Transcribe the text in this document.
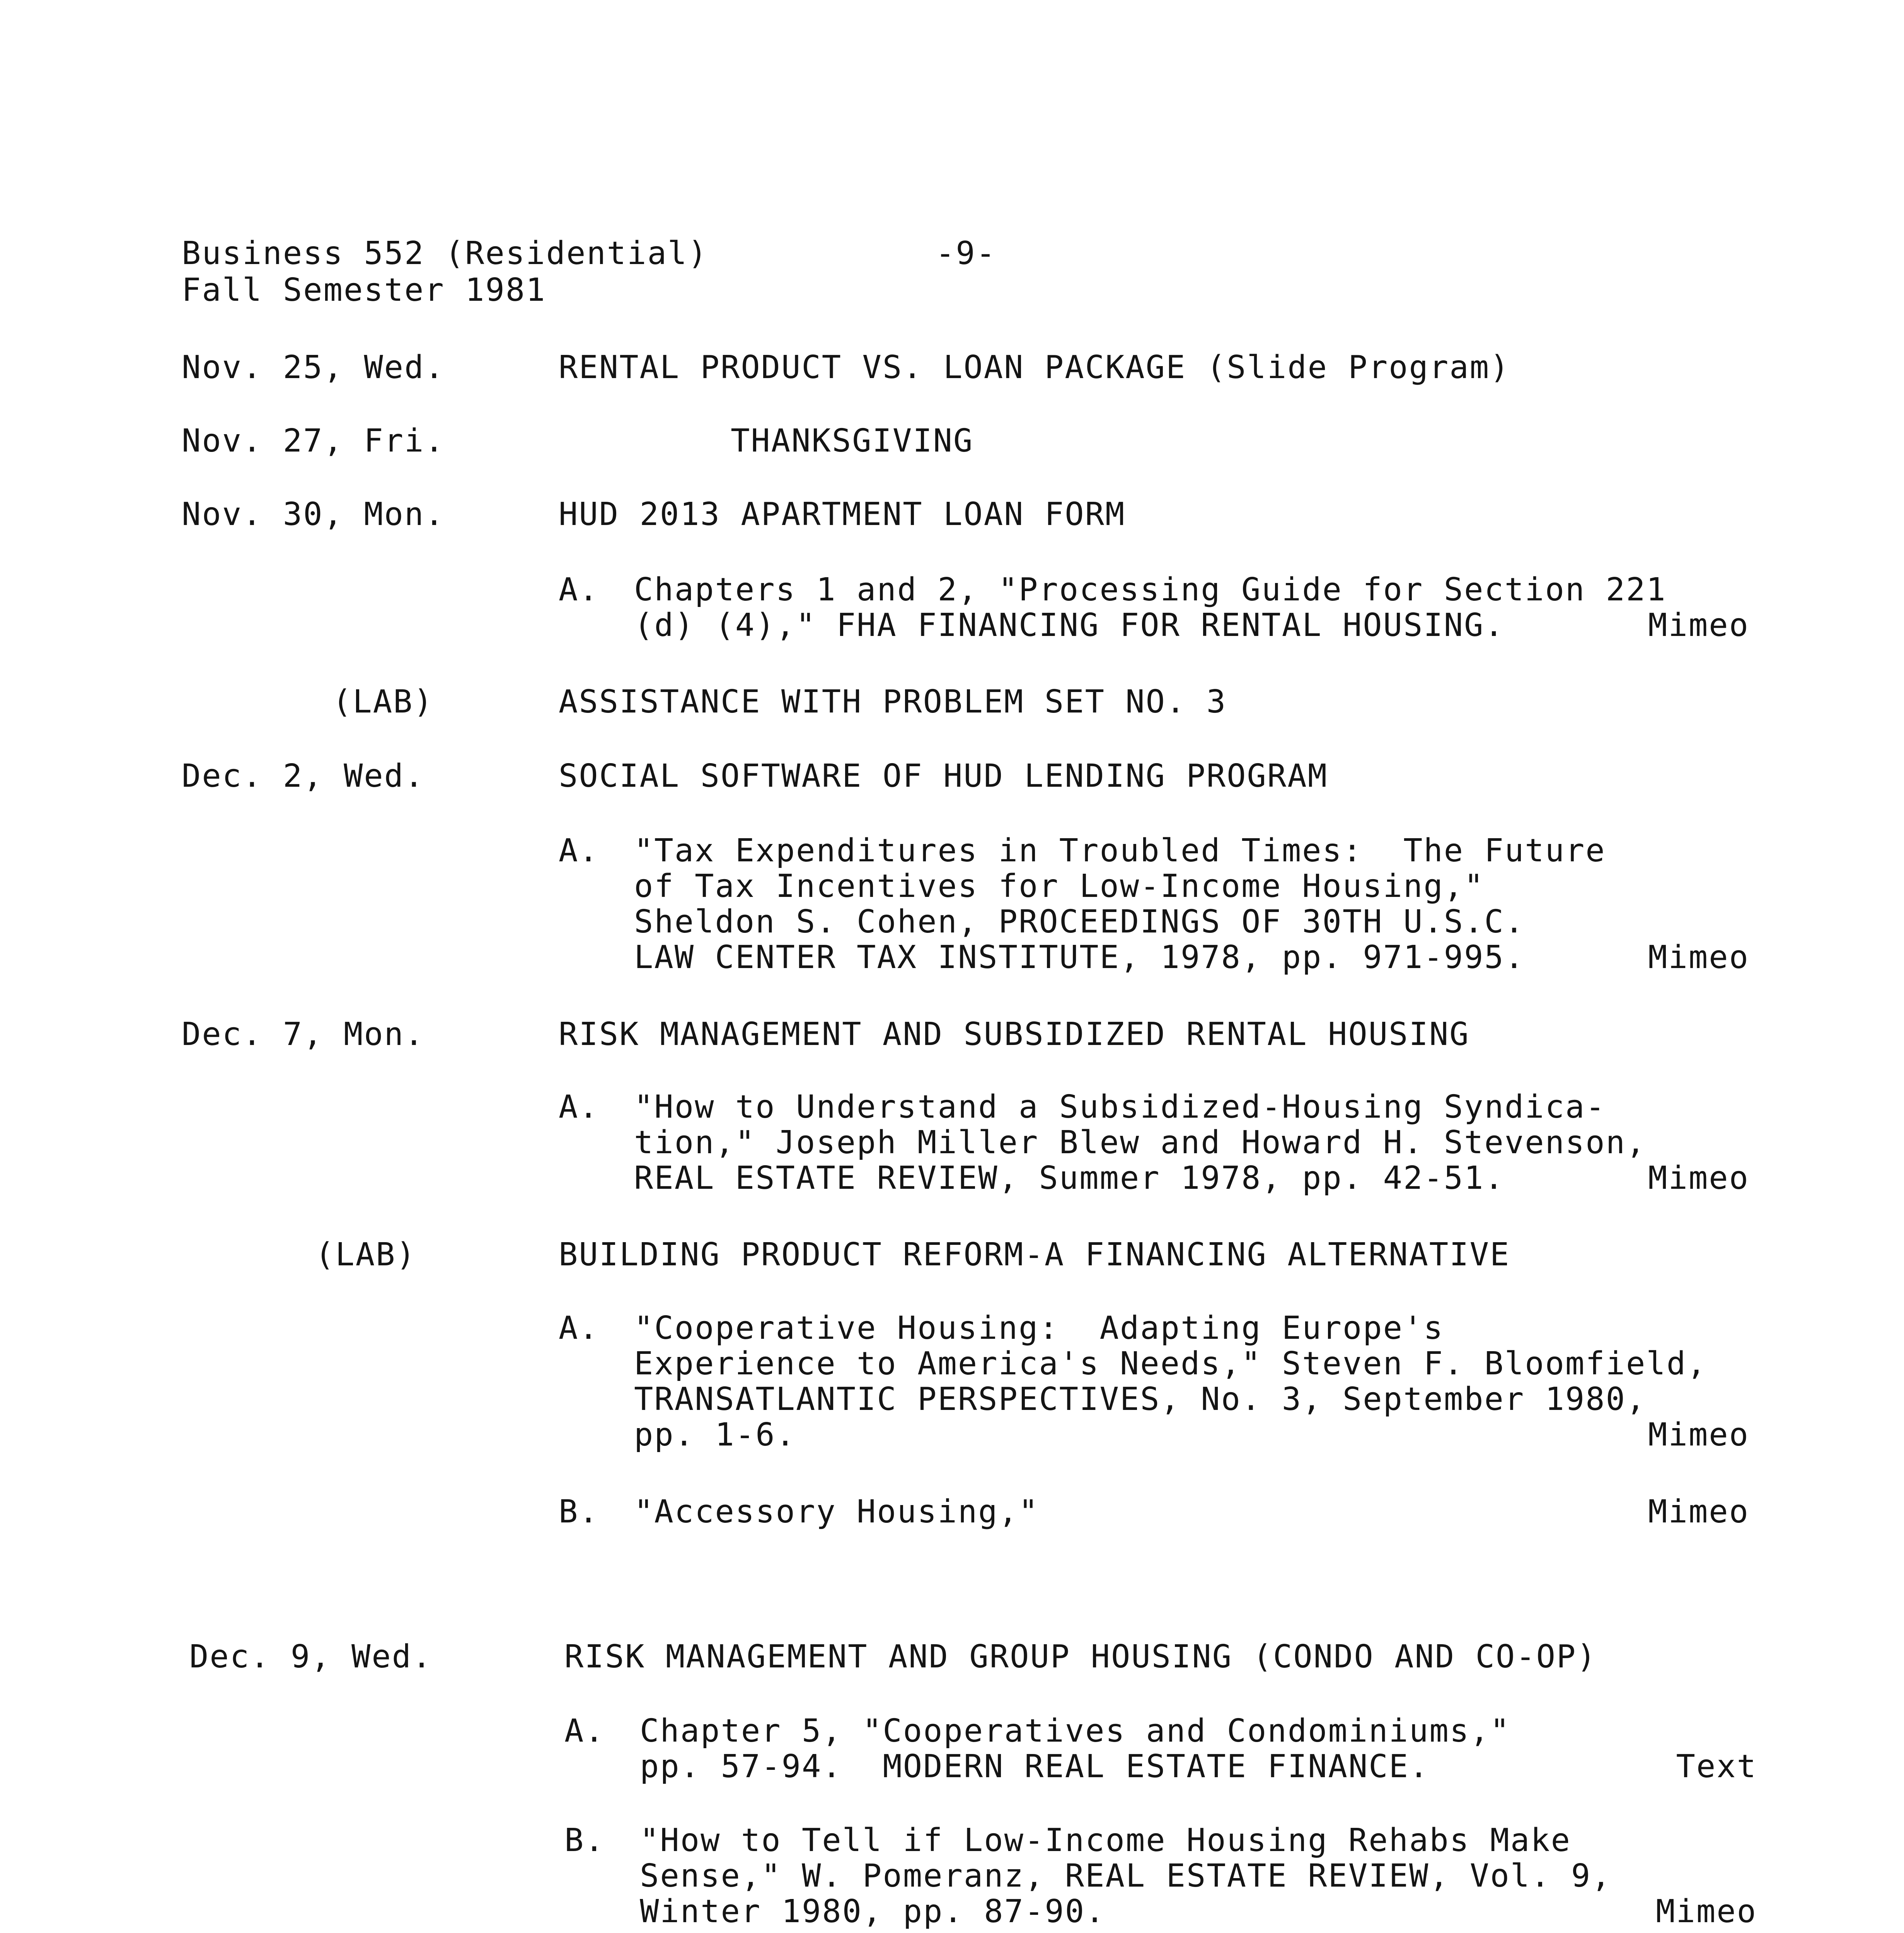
Business 552 (Residential)	-9-
Fall Semester 1981
Nov. 25, Wed.	RENTAL PRODUCT VS. LOAN PACKAGE (Slide Program)
Nov. 27, Fri.	THANKSGIVING
Nov. 30, Mon.	HUD 2013 APARTMENT LOAN FORM
A. Chapters 1 and 2, "Processing Guide for Section 221
(d) (4)," FHA FINANCING FOR RENTAL HOUSING.	Mimeo
(LAB)	ASSISTANCE WITH PROBLEM SET NO. 3
Dec. 2, Wed.	SOCIAL SOFTWARE OF HUD LENDING PROGRAM
A. "Tax Expenditures in Troubled Times:  The Future
of Tax Incentives for Low-Income Housing,"
Sheldon S. Cohen, PROCEEDINGS OF 30TH U.S.C.
LAW CENTER TAX INSTITUTE, 1978, pp. 971-995.	Mimeo
Dec. 7, Mon.	RISK MANAGEMENT AND SUBSIDIZED RENTAL HOUSING
A. "How to Understand a Subsidized-Housing Syndica-
tion," Joseph Miller Blew and Howard H. Stevenson,
REAL ESTATE REVIEW, Summer 1978, pp. 42-51.	Mimeo
(LAB)	BUILDING PRODUCT REFORM-A FINANCING ALTERNATIVE
A. "Cooperative Housing:  Adapting Europe's
Experience to America's Needs," Steven F. Bloomfield,
TRANSATLANTIC PERSPECTIVES, No. 3, September 1980,
pp. 1-6.	Mimeo
B. "Accessory Housing,"	Mimeo
Dec. 9, Wed.	RISK MANAGEMENT AND GROUP HOUSING (CONDO AND CO-OP)
A. Chapter 5, "Cooperatives and Condominiums,"
pp. 57-94.  MODERN REAL ESTATE FINANCE.	Text
B. "How to Tell if Low-Income Housing Rehabs Make
Sense," W. Pomeranz, REAL ESTATE REVIEW, Vol. 9,
Winter 1980, pp. 87-90.	Mimeo
